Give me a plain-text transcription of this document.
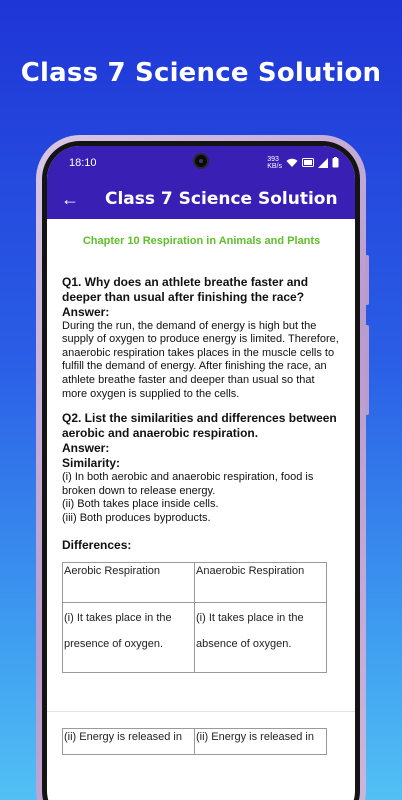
Class 7 Science Solution
18:10	393
KB/s
← Class 7 Science Solution
Chapter 10 Respiration in Animals and Plants
Q1. Why does an athlete breathe faster and deeper than usual after finishing the race?
Answer:
During the run, the demand of energy is high but the supply of oxygen to produce energy is limited. Therefore, anaerobic respiration takes places in the muscle cells to fulfill the demand of energy. After finishing the race, an athlete breathe faster and deeper than usual so that more oxygen is supplied to the cells.
Q2. List the similarities and differences between aerobic and anaerobic respiration.
Answer:
Similarity:
(i) In both aerobic and anaerobic respiration, food is broken down to release energy.
(ii) Both takes place inside cells.
(iii) Both produces byproducts.
Differences:
Aerobic Respiration	Anaerobic Respiration
(i) It takes place in the presence of oxygen.	(i) It takes place in the absence of oxygen.
(ii) Energy is released in	(ii) Energy is released in
